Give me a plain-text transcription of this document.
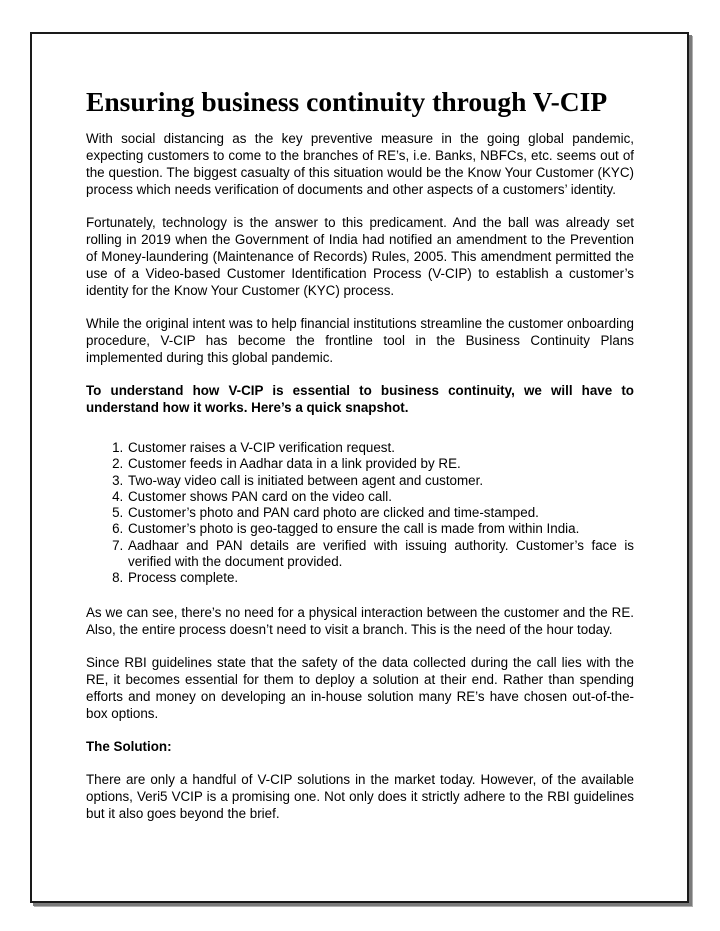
Ensuring business continuity through V-CIP

With social distancing as the key preventive measure in the going global pandemic, expecting customers to come to the branches of RE’s, i.e. Banks, NBFCs, etc. seems out of the question. The biggest casualty of this situation would be the Know Your Customer (KYC) process which needs verification of documents and other aspects of a customers’ identity.

Fortunately, technology is the answer to this predicament. And the ball was already set rolling in 2019 when the Government of India had notified an amendment to the Prevention of Money-laundering (Maintenance of Records) Rules, 2005. This amendment permitted the use of a Video-based Customer Identification Process (V-CIP) to establish a customer’s identity for the Know Your Customer (KYC) process.

While the original intent was to help financial institutions streamline the customer onboarding procedure, V-CIP has become the frontline tool in the Business Continuity Plans implemented during this global pandemic.

To understand how V-CIP is essential to business continuity, we will have to understand how it works. Here’s a quick snapshot.

1. Customer raises a V-CIP verification request.
2. Customer feeds in Aadhar data in a link provided by RE.
3. Two-way video call is initiated between agent and customer.
4. Customer shows PAN card on the video call.
5. Customer’s photo and PAN card photo are clicked and time-stamped.
6. Customer’s photo is geo-tagged to ensure the call is made from within India.
7. Aadhaar and PAN details are verified with issuing authority. Customer’s face is verified with the document provided.
8. Process complete.

As we can see, there’s no need for a physical interaction between the customer and the RE. Also, the entire process doesn’t need to visit a branch. This is the need of the hour today.

Since RBI guidelines state that the safety of the data collected during the call lies with the RE, it becomes essential for them to deploy a solution at their end. Rather than spending efforts and money on developing an in-house solution many RE’s have chosen out-of-the-box options.

The Solution:

There are only a handful of V-CIP solutions in the market today. However, of the available options, Veri5 VCIP is a promising one. Not only does it strictly adhere to the RBI guidelines but it also goes beyond the brief.
